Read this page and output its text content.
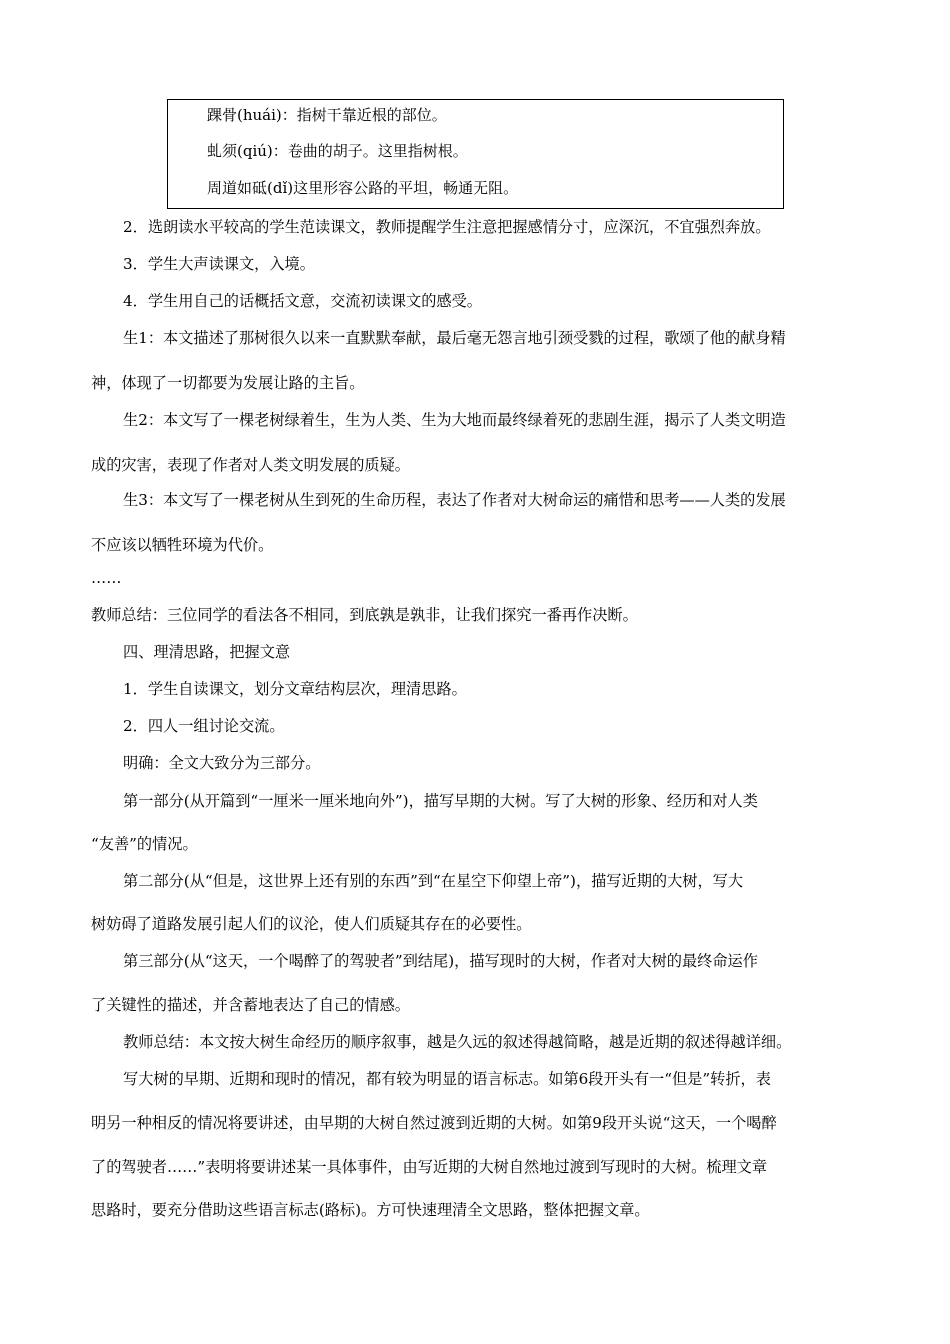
踝骨(huái)：指树干靠近根的部位。
虬须(qiú)：卷曲的胡子。这里指树根。
周道如砥(dǐ)这里形容公路的平坦，畅通无阻。
2．选朗读水平较高的学生范读课文，教师提醒学生注意把握感情分寸，应深沉，不宜强烈奔放。
3．学生大声读课文，入境。
4．学生用自己的话概括文意，交流初读课文的感受。
生1：本文描述了那树很久以来一直默默奉献，最后毫无怨言地引颈受戮的过程，歌颂了他的献身精
神，体现了一切都要为发展让路的主旨。
生2：本文写了一棵老树绿着生，生为人类、生为大地而最终绿着死的悲剧生涯，揭示了人类文明造
成的灾害，表现了作者对人类文明发展的质疑。
生3：本文写了一棵老树从生到死的生命历程，表达了作者对大树命运的痛惜和思考——人类的发展
不应该以牺牲环境为代价。
……
教师总结：三位同学的看法各不相同，到底孰是孰非，让我们探究一番再作决断。
四、理清思路，把握文意
1．学生自读课文，划分文章结构层次，理清思路。
2．四人一组讨论交流。
明确：全文大致分为三部分。
第一部分(从开篇到“一厘米一厘米地向外”)，描写早期的大树。写了大树的形象、经历和对人类
“友善”的情况。
第二部分(从“但是，这世界上还有别的东西”到“在星空下仰望上帝”)，描写近期的大树，写大
树妨碍了道路发展引起人们的议沦，使人们质疑其存在的必要性。
第三部分(从“这天，一个喝醉了的驾驶者”到结尾)，描写现时的大树，作者对大树的最终命运作
了关键性的描述，并含蓄地表达了自己的情感。
教师总结：本文按大树生命经历的顺序叙事，越是久远的叙述得越简略，越是近期的叙述得越详细。
写大树的早期、近期和现时的情况，都有较为明显的语言标志。如第6段开头有一“但是”转折，表
明另一种相反的情况将要讲述，由早期的大树自然过渡到近期的大树。如第9段开头说“这天，一个喝醉
了的驾驶者……”表明将要讲述某一具体事件，由写近期的大树自然地过渡到写现时的大树。梳理文章
思路时，要充分借助这些语言标志(路标)。方可快速理清全文思路，整体把握文章。
